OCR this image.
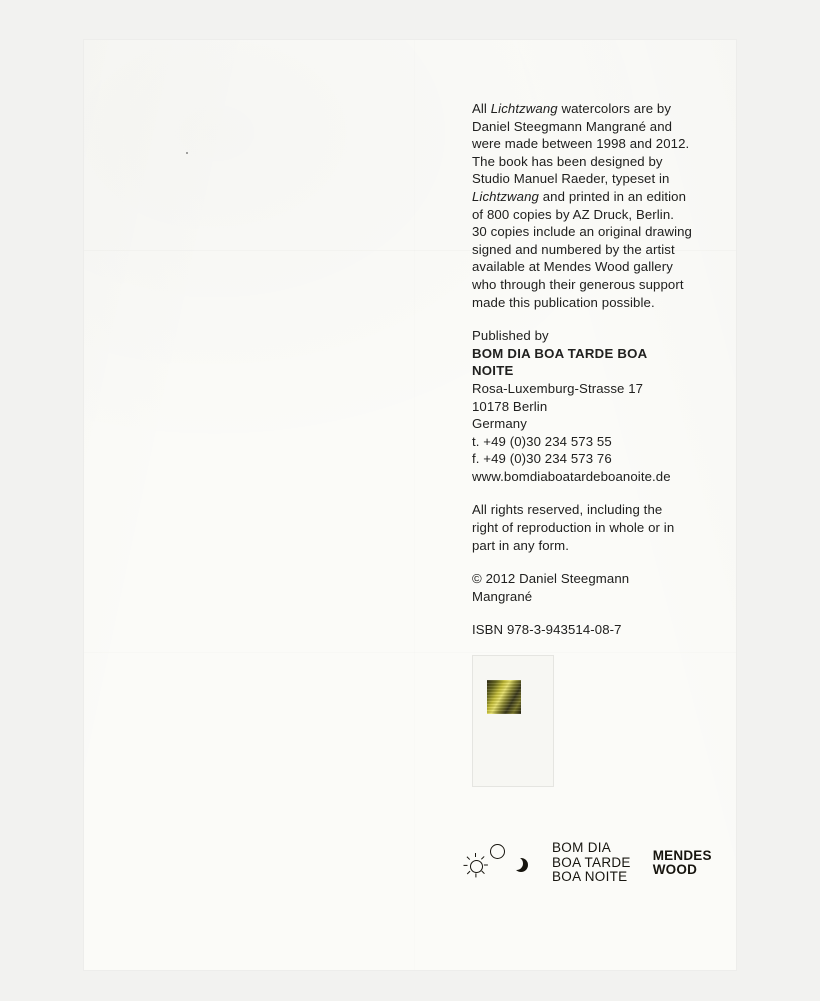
All Lichtzwang watercolors are by Daniel Steegmann Mangrané and were made between 1998 and 2012. The book has been designed by Studio Manuel Raeder, typeset in Lichtzwang and printed in an edition of 800 copies by AZ Druck, Berlin. 30 copies include an original drawing signed and numbered by the artist available at Mendes Wood gallery who through their generous support made this publication possible.

Published by

BOM DIA BOA TARDE BOA NOITE

Rosa-Luxemburg-Strasse 17

10178 Berlin

Germany

t. +49 (0)30 234 573 55

f. +49 (0)30 234 573 76

www.bomdiaboatardeboanoite.de

All rights reserved, including the right of reproduction in whole or in part in any form.

© 2012 Daniel Steegmann Mangrané

ISBN 978-3-943514-08-7

BOM DIA
BOA TARDE
BOA NOITE
MENDES
WOOD
